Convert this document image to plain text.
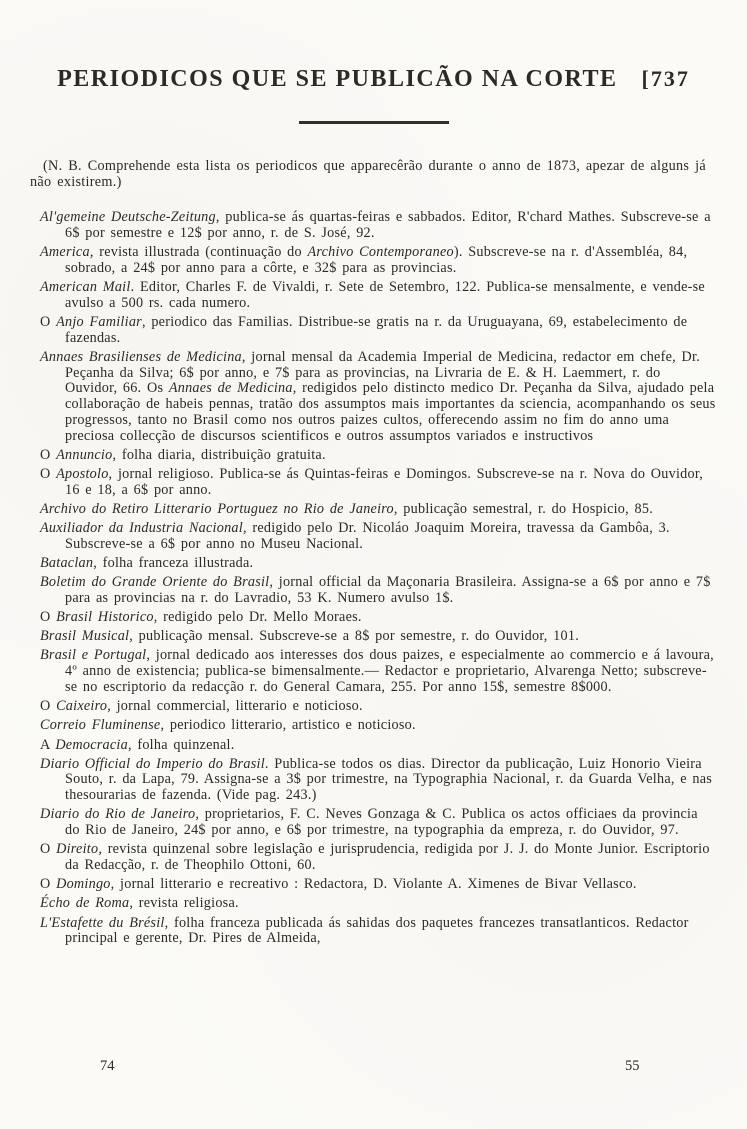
PERIODICOS QUE SE PUBLICÃO NA CORTE [737

(N. B. Comprehende esta lista os periodicos que apparecêrão durante o anno de 1873, apezar de alguns já não existirem.)

Al'gemeine Deutsche-Zeitung, publica-se ás quartas-feiras e sabbados. Editor, R'chard Mathes. Subscreve-se a 6$ por semestre e 12$ por anno, r. de S. José, 92.

America, revista illustrada (continuação do Archivo Contemporaneo). Subscreve-se na r. d'Assembléa, 84, sobrado, a 24$ por anno para a côrte, e 32$ para as provincias.

American Mail. Editor, Charles F. de Vivaldi, r. Sete de Setembro, 122. Publica-se mensalmente, e vende-se avulso a 500 rs. cada numero.

O Anjo Familiar, periodico das Familias. Distribue-se gratis na r. da Uruguayana, 69, estabelecimento de fazendas.

Annaes Brasilienses de Medicina, jornal mensal da Academia Imperial de Medicina, redactor em chefe, Dr. Peçanha da Silva; 6$ por anno, e 7$ para as provincias, na Livraria de E. & H. Laemmert, r. do Ouvidor, 66. Os Annaes de Medicina, redigidos pelo distincto medico Dr. Peçanha da Silva, ajudado pela collaboração de habeis pennas, tratão dos assumptos mais importantes da sciencia, acompanhando os seus progressos, tanto no Brasil como nos outros paizes cultos, offerecendo assim no fim do anno uma preciosa collecção de discursos scientificos e outros assumptos variados e instructivos

O Annuncio, folha diaria, distribuição gratuita.

O Apostolo, jornal religioso. Publica-se ás Quintas-feiras e Domingos. Subscreve-se na r. Nova do Ouvidor, 16 e 18, a 6$ por anno.

Archivo do Retiro Litterario Portuguez no Rio de Janeiro, publicação semestral, r. do Hospicio, 85.

Auxiliador da Industria Nacional, redigido pelo Dr. Nicoláo Joaquim Moreira, travessa da Gambôa, 3. Subscreve-se a 6$ por anno no Museu Nacional.

Bataclan, folha franceza illustrada.

Boletim do Grande Oriente do Brasil, jornal official da Maçonaria Brasileira. Assigna-se a 6$ por anno e 7$ para as provincias na r. do Lavradio, 53 K. Numero avulso 1$.

O Brasil Historico, redigido pelo Dr. Mello Moraes.

Brasil Musical, publicação mensal. Subscreve-se a 8$ por semestre, r. do Ouvidor, 101.

Brasil e Portugal, jornal dedicado aos interesses dos dous paizes, e especialmente ao commercio e á lavoura, 4º anno de existencia; publica-se bimensalmente.— Redactor e proprietario, Alvarenga Netto; subscreve-se no escriptorio da redacção r. do General Camara, 255. Por anno 15$, semestre 8$000.

O Caixeiro, jornal commercial, litterario e noticioso.

Correio Fluminense, periodico litterario, artistico e noticioso.

A Democracia, folha quinzenal.

Diario Official do Imperio do Brasil. Publica-se todos os dias. Director da publicação, Luiz Honorio Vieira Souto, r. da Lapa, 79. Assigna-se a 3$ por trimestre, na Typographia Nacional, r. da Guarda Velha, e nas thesourarias de fazenda. (Vide pag. 243.)

Diario do Rio de Janeiro, proprietarios, F. C. Neves Gonzaga & C. Publica os actos officiaes da provincia do Rio de Janeiro, 24$ por anno, e 6$ por trimestre, na typographia da empreza, r. do Ouvidor, 97.

O Direito, revista quinzenal sobre legislação e jurisprudencia, redigida por J. J. do Monte Junior. Escriptorio da Redacção, r. de Theophilo Ottoni, 60.

O Domingo, jornal litterario e recreativo : Redactora, D. Violante A. Ximenes de Bivar Vellasco.

Écho de Roma, revista religiosa.

L'Estafette du Brésil, folha franceza publicada ás sahidas dos paquetes francezes transatlanticos. Redactor principal e gerente, Dr. Pires de Almeida,

74	55
